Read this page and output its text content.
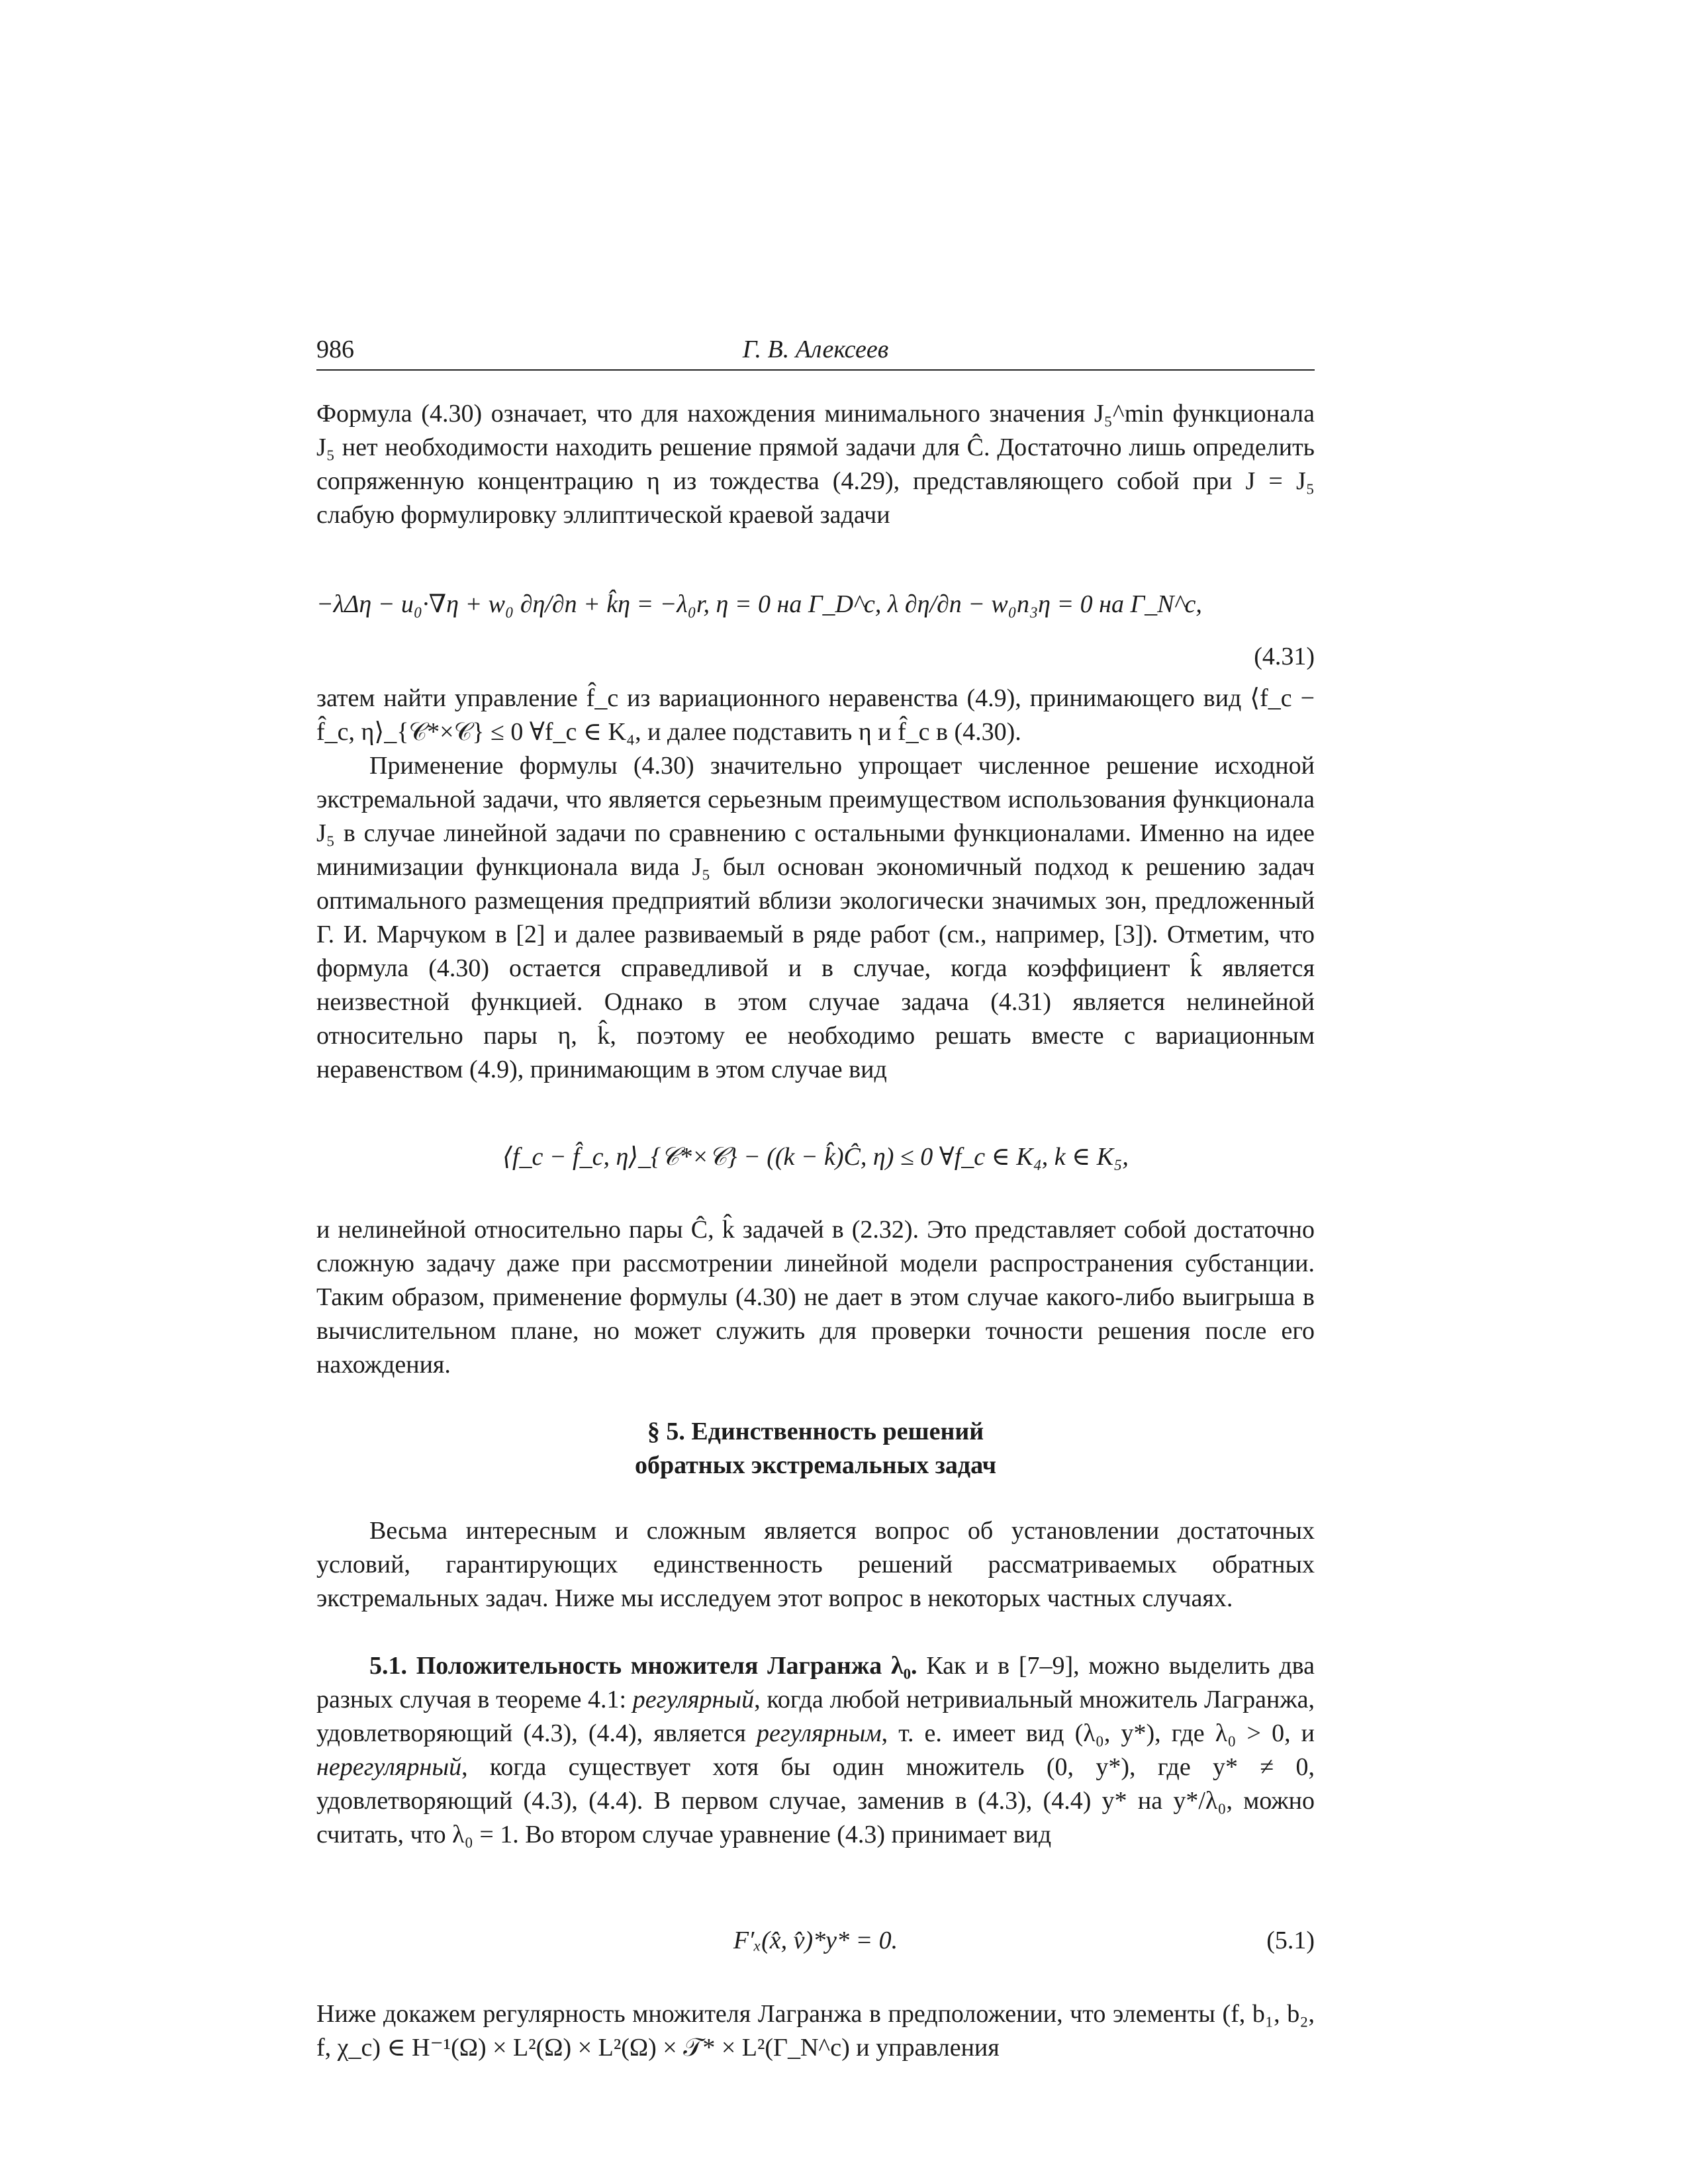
986	Г. В. Алексеев
Формула (4.30) означает, что для нахождения минимального значения J₅^min функционала J₅ нет необходимости находить решение прямой задачи для Ĉ. Достаточно лишь определить сопряженную концентрацию η из тождества (4.29), представляющего собой при J = J₅ слабую формулировку эллиптической краевой задачи
−λΔη − u₀·∇η + w₀ ∂η/∂n + k̂η = −λ₀r, η = 0 на Γ_D^c, λ ∂η/∂n − w₀n₃η = 0 на Γ_N^c,
(4.31)
затем найти управление f̂_c из вариационного неравенства (4.9), принимающего вид ⟨f_c − f̂_c, η⟩_{𝒞*×𝒞} ≤ 0 ∀f_c ∈ K₄, и далее подставить η и f̂_c в (4.30).
Применение формулы (4.30) значительно упрощает численное решение исходной экстремальной задачи, что является серьезным преимуществом использования функционала J₅ в случае линейной задачи по сравнению с остальными функционалами. Именно на идее минимизации функционала вида J₅ был основан экономичный подход к решению задач оптимального размещения предприятий вблизи экологически значимых зон, предложенный Г. И. Марчуком в [2] и далее развиваемый в ряде работ (см., например, [3]). Отметим, что формула (4.30) остается справедливой и в случае, когда коэффициент k̂ является неизвестной функцией. Однако в этом случае задача (4.31) является нелинейной относительно пары η, k̂, поэтому ее необходимо решать вместе с вариационным неравенством (4.9), принимающим в этом случае вид
⟨f_c − f̂_c, η⟩_{𝒞*×𝒞} − ((k − k̂)Ĉ, η) ≤ 0 ∀f_c ∈ K₄, k ∈ K₅,
и нелинейной относительно пары Ĉ, k̂ задачей в (2.32). Это представляет собой достаточно сложную задачу даже при рассмотрении линейной модели распространения субстанции. Таким образом, применение формулы (4.30) не дает в этом случае какого-либо выигрыша в вычислительном плане, но может служить для проверки точности решения после его нахождения.
§ 5. Единственность решений
обратных экстремальных задач
Весьма интересным и сложным является вопрос об установлении достаточных условий, гарантирующих единственность решений рассматриваемых обратных экстремальных задач. Ниже мы исследуем этот вопрос в некоторых частных случаях.
5.1. Положительность множителя Лагранжа λ₀. Как и в [7–9], можно выделить два разных случая в теореме 4.1: регулярный, когда любой нетривиальный множитель Лагранжа, удовлетворяющий (4.3), (4.4), является регулярным, т. е. имеет вид (λ₀, y*), где λ₀ > 0, и нерегулярный, когда существует хотя бы один множитель (0, y*), где y* ≠ 0, удовлетворяющий (4.3), (4.4). В первом случае, заменив в (4.3), (4.4) y* на y*/λ₀, можно считать, что λ₀ = 1. Во втором случае уравнение (4.3) принимает вид
F′ₓ(x̂, v̂)*y* = 0.	(5.1)
Ниже докажем регулярность множителя Лагранжа в предположении, что элементы (f, b₁, b₂, f, χ_c) ∈ H⁻¹(Ω) × L²(Ω) × L²(Ω) × 𝒯* × L²(Γ_N^c) и управления
